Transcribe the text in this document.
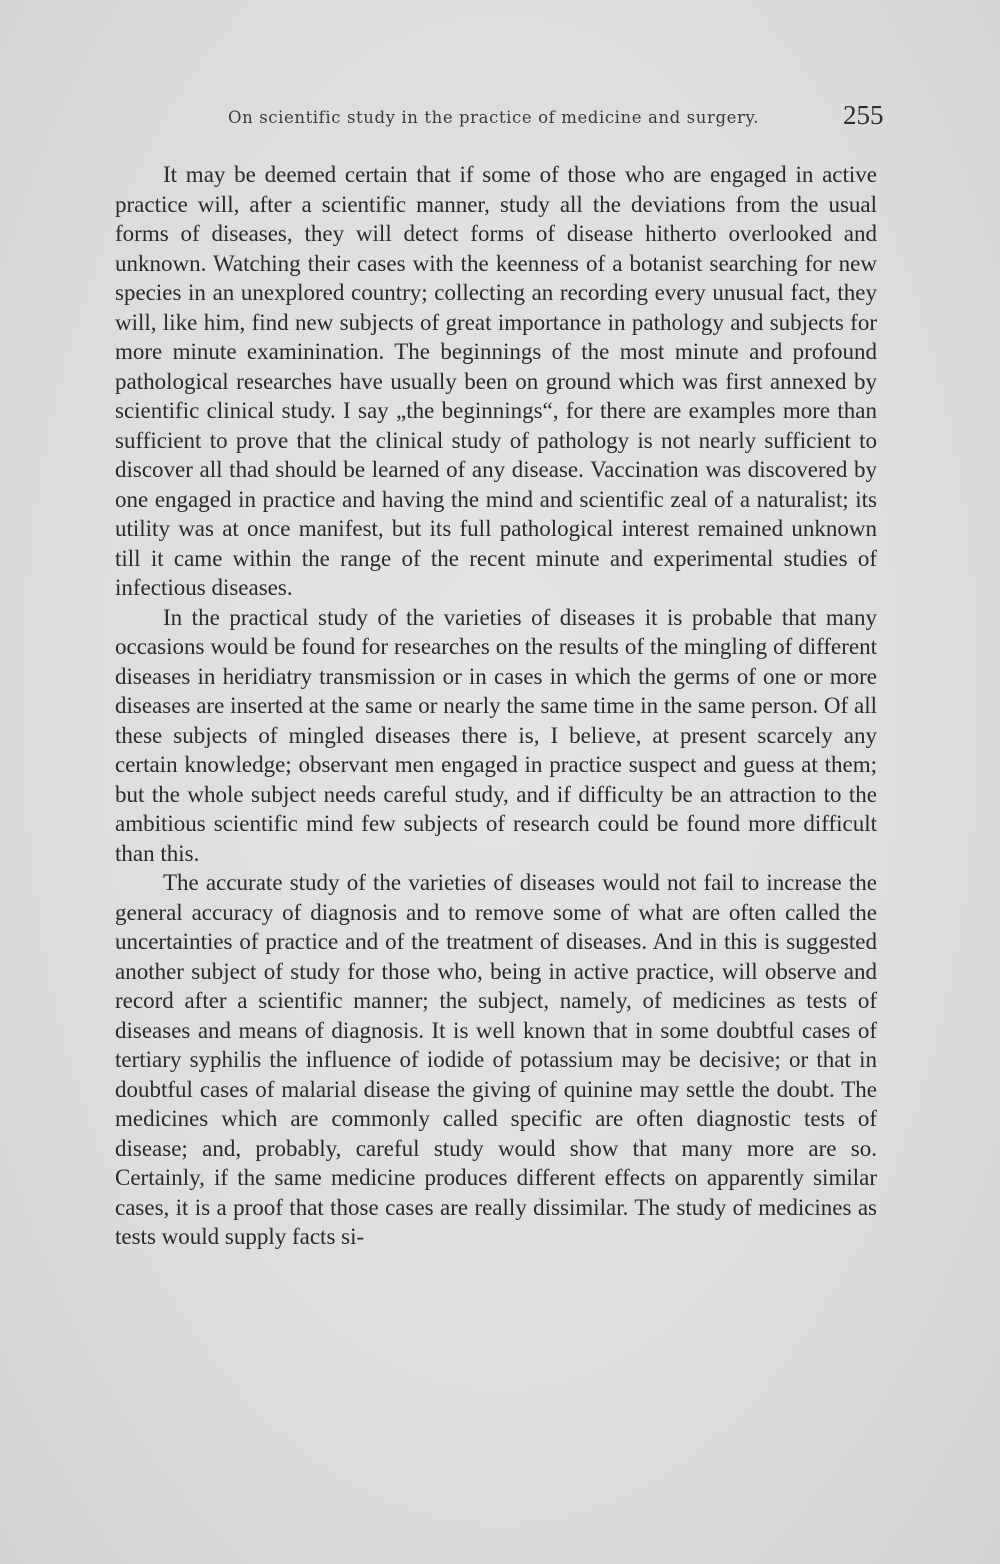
On scientific study in the practice of medicine and surgery.	255

It may be deemed certain that if some of those who are engaged in active practice will, after a scientific manner, study all the deviations from the usual forms of diseases, they will detect forms of disease hitherto overlooked and unknown. Watching their cases with the keenness of a botanist searching for new species in an unexplored country; collecting an recording every unusual fact, they will, like him, find new subjects of great importance in pathology and subjects for more minute examinination. The beginnings of the most minute and profound pathological researches have usually been on ground which was first annexed by scientific clinical study. I say „the beginnings“, for there are examples more than sufficient to prove that the clinical study of pathology is not nearly sufficient to discover all thad should be learned of any disease. Vaccination was discovered by one engaged in practice and having the mind and scientific zeal of a naturalist; its utility was at once manifest, but its full pathological interest remained unknown till it came within the range of the recent minute and experimental studies of infectious diseases.

In the practical study of the varieties of diseases it is probable that many occasions would be found for researches on the results of the mingling of different diseases in heridiatry transmission or in cases in which the germs of one or more diseases are inserted at the same or nearly the same time in the same person. Of all these subjects of mingled diseases there is, I believe, at present scarcely any certain knowledge; observant men engaged in practice suspect and guess at them; but the whole subject needs careful study, and if difficulty be an attraction to the ambitious scientific mind few subjects of research could be found more difficult than this.

The accurate study of the varieties of diseases would not fail to increase the general accuracy of diagnosis and to remove some of what are often called the uncertainties of practice and of the treatment of diseases. And in this is suggested another subject of study for those who, being in active practice, will observe and record after a scientific manner; the subject, namely, of medicines as tests of diseases and means of diagnosis. It is well known that in some doubtful cases of tertiary syphilis the influence of iodide of potassium may be decisive; or that in doubtful cases of malarial disease the giving of quinine may settle the doubt. The medicines which are commonly called specific are often diagnostic tests of disease; and, probably, careful study would show that many more are so. Certainly, if the same medicine produces different effects on apparently similar cases, it is a proof that those cases are really dissimilar. The study of medicines as tests would supply facts si-
